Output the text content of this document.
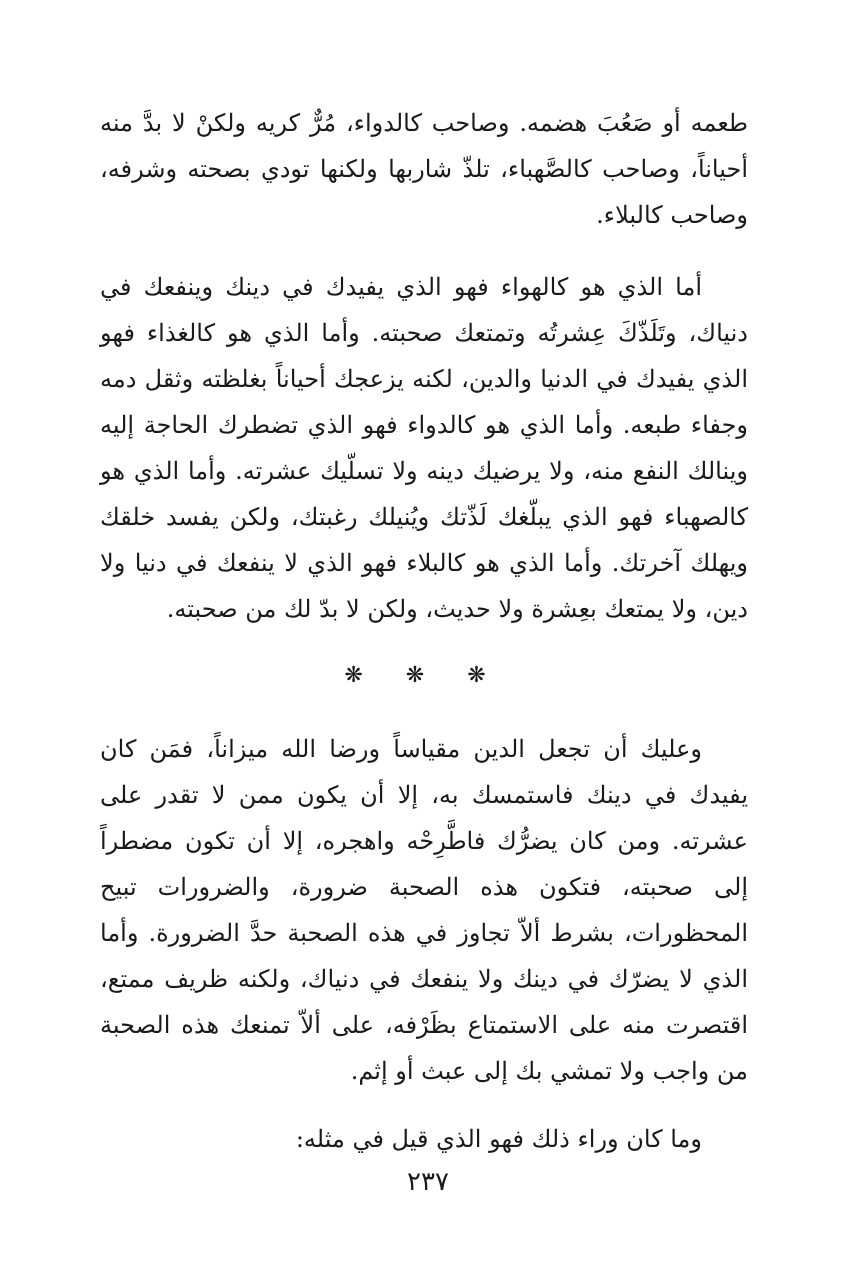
طعمه أو صَعُبَ هضمه. وصاحب كالدواء، مُرٌّ كريه ولكنْ لا بدَّ منه أحياناً، وصاحب كالصَّهباء، تلذّ شاربها ولكنها تودي بصحته وشرفه، وصاحب كالبلاء.

أما الذي هو كالهواء فهو الذي يفيدك في دينك وينفعك في دنياك، وتَلَذّكَ عِشرتُه وتمتعك صحبته. وأما الذي هو كالغذاء فهو الذي يفيدك في الدنيا والدين، لكنه يزعجك أحياناً بغلظته وثقل دمه وجفاء طبعه. وأما الذي هو كالدواء فهو الذي تضطرك الحاجة إليه وينالك النفع منه، ولا يرضيك دينه ولا تسلّيك عشرته. وأما الذي هو كالصهباء فهو الذي يبلّغك لَذّتك ويُنيلك رغبتك، ولكن يفسد خلقك ويهلك آخرتك. وأما الذي هو كالبلاء فهو الذي لا ينفعك في دنيا ولا دين، ولا يمتعك بعِشرة ولا حديث، ولكن لا بدّ لك من صحبته.

❋ ❋ ❋

وعليك أن تجعل الدين مقياساً ورضا الله ميزاناً، فمَن كان يفيدك في دينك فاستمسك به، إلا أن يكون ممن لا تقدر على عشرته. ومن كان يضرُّك فاطَّرِحْه واهجره، إلا أن تكون مضطراً إلى صحبته، فتكون هذه الصحبة ضرورة، والضرورات تبيح المحظورات، بشرط ألاّ تجاوز في هذه الصحبة حدَّ الضرورة. وأما الذي لا يضرّك في دينك ولا ينفعك في دنياك، ولكنه ظريف ممتع، اقتصرت منه على الاستمتاع بظَرْفه، على ألاّ تمنعك هذه الصحبة من واجب ولا تمشي بك إلى عبث أو إثم.

وما كان وراء ذلك فهو الذي قيل في مثله:

٢٣٧
